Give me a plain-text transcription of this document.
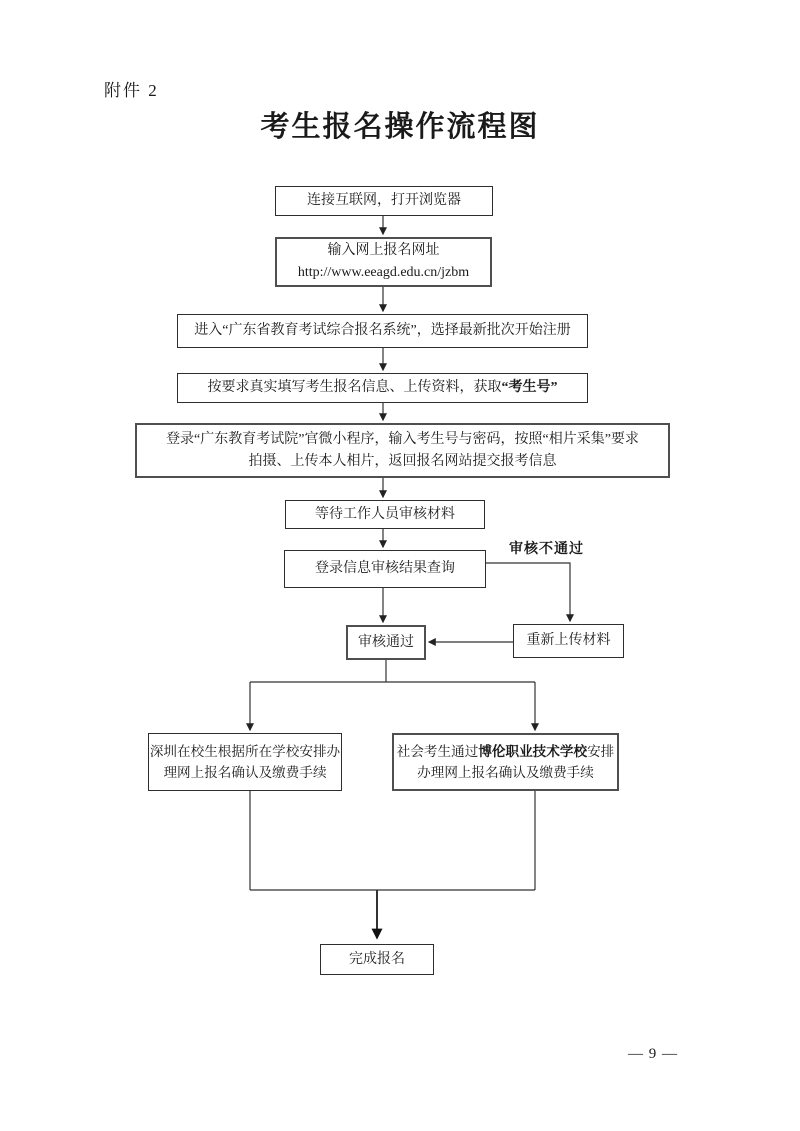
附件 2
考生报名操作流程图
连接互联网，打开浏览器
输入网上报名网址
http://www.eeagd.edu.cn/jzbm
进入“广东省教育考试综合报名系统”，选择最新批次开始注册
按要求真实填写考生报名信息、上传资料，获取“考生号”
登录“广东教育考试院”官微小程序，输入考生号与密码，按照“相片采集”要求
拍摄、上传本人相片，返回报名网站提交报考信息
等待工作人员审核材料
登录信息审核结果查询
审核通过	重新上传材料
审核不通过
深圳在校生根据所在学校安排办
理网上报名确认及缴费手续
社会考生通过博伦职业技术学校安排
办理网上报名确认及缴费手续
完成报名
— 9 —
